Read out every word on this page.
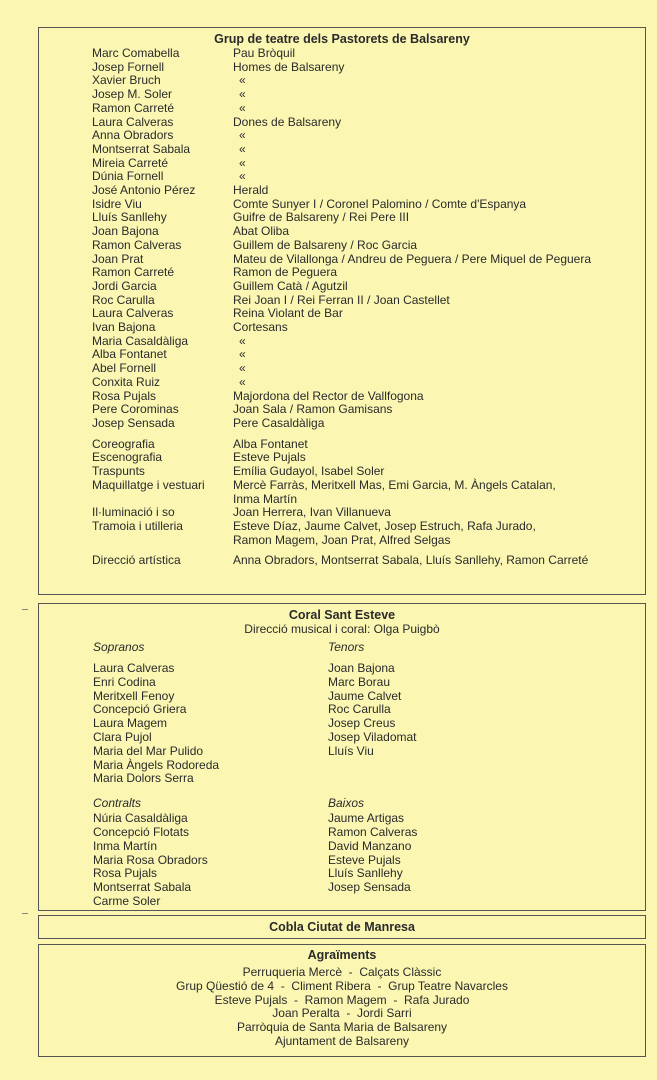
Grup de teatre dels Pastorets de Balsareny
Marc Comabella	Pau Bròquil
Josep Fornell	Homes de Balsareny
Xavier Bruch	«
Josep M. Soler	«
Ramon Carreté	«
Laura Calveras	Dones de Balsareny
Anna Obradors	«
Montserrat Sabala	«
Mireia Carreté	«
Dúnia Fornell	«
José Antonio Pérez	Herald
Isidre Viu	Comte Sunyer I / Coronel Palomino / Comte d'Espanya
Lluís Sanllehy	Guifre de Balsareny / Rei Pere III
Joan Bajona	Abat Oliba
Ramon Calveras	Guillem de Balsareny / Roc Garcia
Joan Prat	Mateu de Vilallonga / Andreu de Peguera / Pere Miquel de Peguera
Ramon Carreté	Ramon de Peguera
Jordi Garcia	Guillem Catà / Agutzil
Roc Carulla	Rei Joan I / Rei Ferran II / Joan Castellet
Laura Calveras	Reina Violant de Bar
Ivan Bajona	Cortesans
Maria Casaldàliga	«
Alba Fontanet	«
Abel Fornell	«
Conxita Ruiz	«
Rosa Pujals	Majordona del Rector de Vallfogona
Pere Corominas	Joan Sala / Ramon Gamisans
Josep Sensada	Pere Casaldàliga
Coreografia	Alba Fontanet
Escenografia	Esteve Pujals
Traspunts	Emília Gudayol, Isabel Soler
Maquillatge i vestuari	Mercè Farràs, Meritxell Mas, Emi Garcia, M. Àngels Catalan,
Inma Martín
Il·luminació i so	Joan Herrera, Ivan Villanueva
Tramoia i utilleria	Esteve Díaz, Jaume Calvet, Josep Estruch, Rafa Jurado,
Ramon Magem, Joan Prat, Alfred Selgas
Direcció artística	Anna Obradors, Montserrat Sabala, Lluís Sanllehy, Ramon Carreté
Coral Sant Esteve
Direcció musical i coral: Olga Puigbò
Sopranos
Laura Calveras
Enri Codina
Meritxell Fenoy
Concepció Griera
Laura Magem
Clara Pujol
Maria del Mar Pulido
Maria Àngels Rodoreda
Maria Dolors Serra
Tenors
Joan Bajona
Marc Borau
Jaume Calvet
Roc Carulla
Josep Creus
Josep Viladomat
Lluís Viu
Contralts
Núria Casaldàliga
Concepció Flotats
Inma Martín
Maria Rosa Obradors
Rosa Pujals
Montserrat Sabala
Carme Soler
Baixos
Jaume Artigas
Ramon Calveras
David Manzano
Esteve Pujals
Lluís Sanllehy
Josep Sensada
Cobla Ciutat de Manresa
Agraïments
Perruqueria Mercè  -  Calçats Clàssic
Grup Qüestió de 4  -  Climent Ribera  -  Grup Teatre Navarcles
Esteve Pujals  -  Ramon Magem  -  Rafa Jurado
Joan Peralta  -  Jordi Sarri
Parròquia de Santa Maria de Balsareny
Ajuntament de Balsareny
